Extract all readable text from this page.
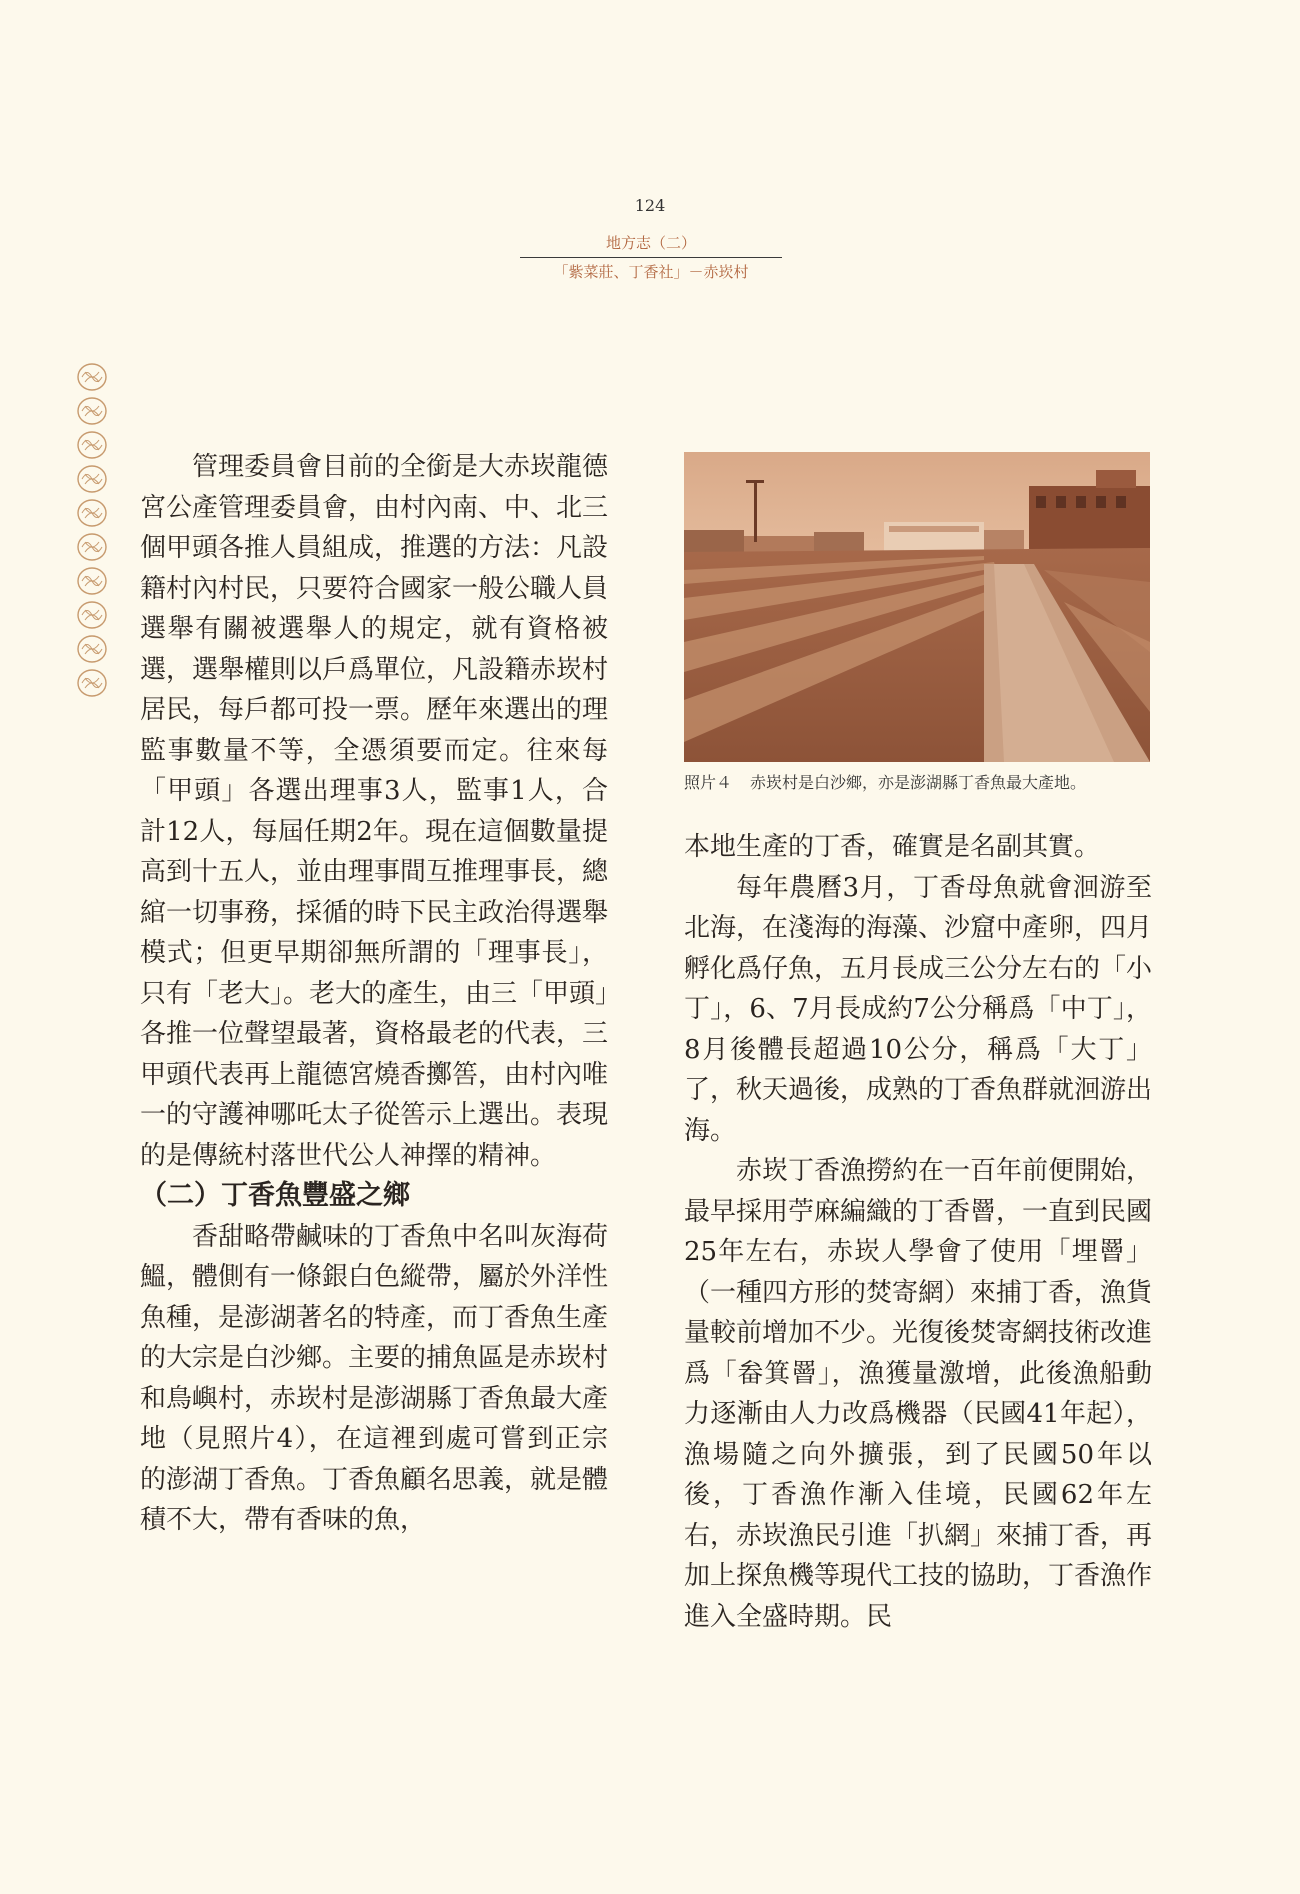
124
地方志（二）
「紫菜莊、丁香社」－赤崁村

管理委員會目前的全銜是大赤崁龍德宮公產管理委員會，由村內南、中、北三個甲頭各推人員組成，推選的方法：凡設籍村內村民，只要符合國家一般公職人員選舉有關被選舉人的規定，就有資格被選，選舉權則以戶爲單位，凡設籍赤崁村居民，每戶都可投一票。歷年來選出的理監事數量不等，全憑須要而定。往來每「甲頭」各選出理事3人，監事1人，合計12人，每屆任期2年。現在這個數量提高到十五人，並由理事間互推理事長，總綰一切事務，採循的時下民主政治得選舉模式；但更早期卻無所謂的「理事長」，只有「老大」。老大的產生，由三「甲頭」各推一位聲望最著，資格最老的代表，三甲頭代表再上龍德宮燒香擲筶，由村內唯一的守護神哪吒太子從筶示上選出。表現的是傳統村落世代公人神擇的精神。

（二）丁香魚豐盛之鄉

香甜略帶鹹味的丁香魚中名叫灰海荷鰮，體側有一條銀白色縱帶，屬於外洋性魚種，是澎湖著名的特產，而丁香魚生產的大宗是白沙鄉。主要的捕魚區是赤崁村和鳥嶼村，赤崁村是澎湖縣丁香魚最大產地（見照片4），在這裡到處可嘗到正宗的澎湖丁香魚。丁香魚顧名思義，就是體積不大，帶有香味的魚，

照片４ 赤崁村是白沙鄉，亦是澎湖縣丁香魚最大產地。

本地生產的丁香，確實是名副其實。

每年農曆3月，丁香母魚就會洄游至北海，在淺海的海藻、沙窟中產卵，四月孵化爲仔魚，五月長成三公分左右的「小丁」，6、7月長成約7公分稱爲「中丁」，8月後體長超過10公分，稱爲「大丁」了，秋天過後，成熟的丁香魚群就洄游出海。

赤崁丁香漁撈約在一百年前便開始，最早採用苧麻編織的丁香罾，一直到民國25年左右，赤崁人學會了使用「埋罾」（一種四方形的焚寄網）來捕丁香，漁貨量較前增加不少。光復後焚寄網技術改進爲「畚箕罾」，漁獲量激增，此後漁船動力逐漸由人力改爲機器（民國41年起），漁場隨之向外擴張，到了民國50年以後，丁香漁作漸入佳境，民國62年左右，赤崁漁民引進「扒網」來捕丁香，再加上探魚機等現代工技的協助，丁香漁作進入全盛時期。民
